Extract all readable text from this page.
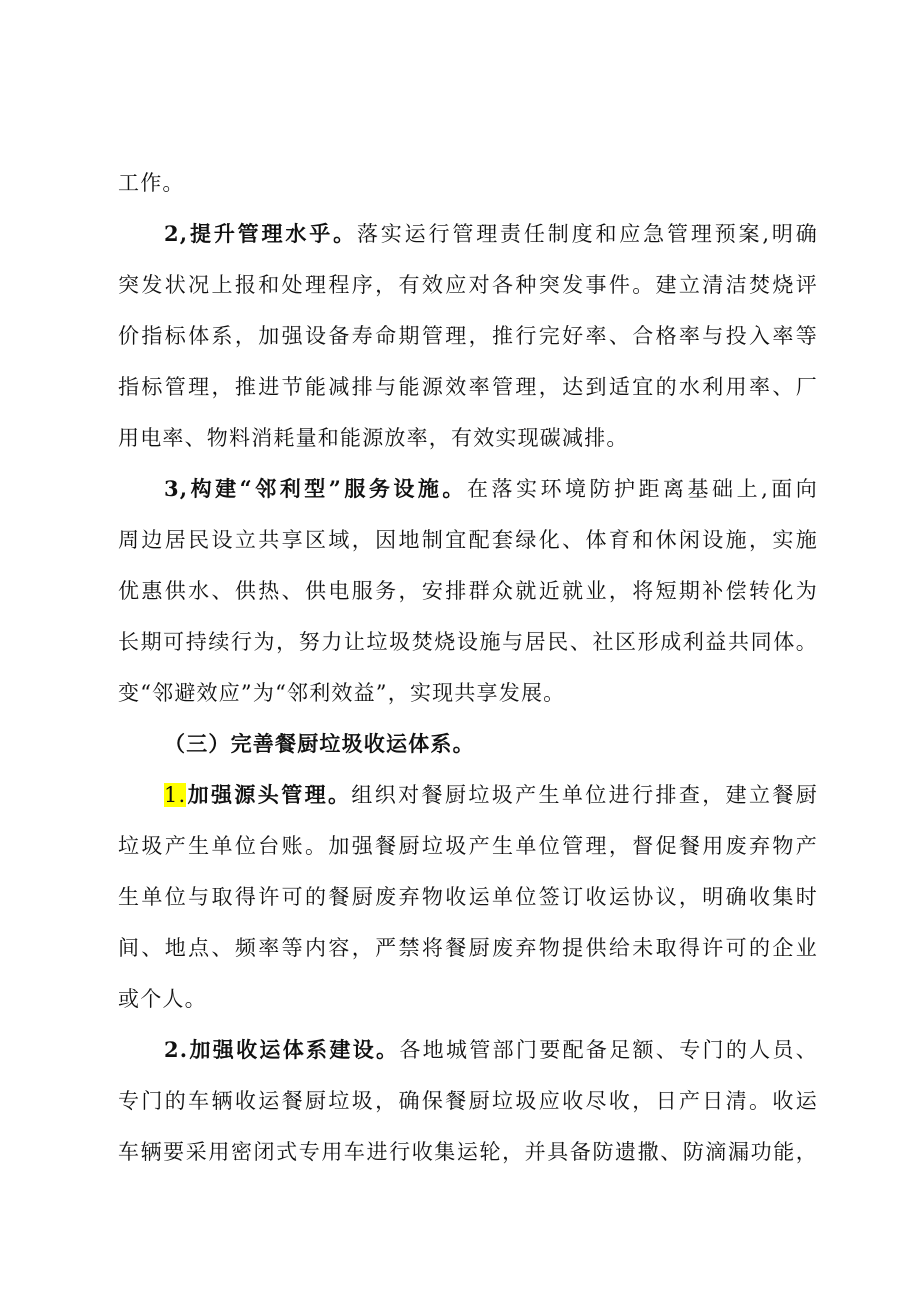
工作。
2,提升管理水乎。落实运行管理责任制度和应急管理预案,明确
突发状况上报和处理程序，有效应对各种突发事件。建立清洁焚烧评
价指标体系，加强设备寿命期管理，推行完好率、合格率与投入率等
指标管理，推进节能减排与能源效率管理，达到适宜的水利用率、厂
用电率、物料消耗量和能源放率，有效实现碳减排。
3,构建“邻利型”服务设施。在落实环境防护距离基础上,面向
周边居民设立共享区域，因地制宜配套绿化、体育和休闲设施，实施
优惠供水、供热、供电服务，安排群众就近就业，将短期补偿转化为
长期可持续行为，努力让垃圾焚烧设施与居民、社区形成利益共同体。
变“邻避效应”为“邻利效益”，实现共享发展。
（三）完善餐厨垃圾收运体系。
1.加强源头管理。组织对餐厨垃圾产生单位进行排查，建立餐厨
垃圾产生单位台账。加强餐厨垃圾产生单位管理，督促餐用废弃物产
生单位与取得许可的餐厨废弃物收运单位签订收运协议，明确收集时
间、地点、频率等内容，严禁将餐厨废弃物提供给未取得许可的企业
或个人。
2.加强收运体系建设。各地城管部门要配备足额、专门的人员、
专门的车辆收运餐厨垃圾，确保餐厨垃圾应收尽收，日产日清。收运
车辆要采用密闭式专用车进行收集运轮，并具备防遗撒、防滴漏功能，
